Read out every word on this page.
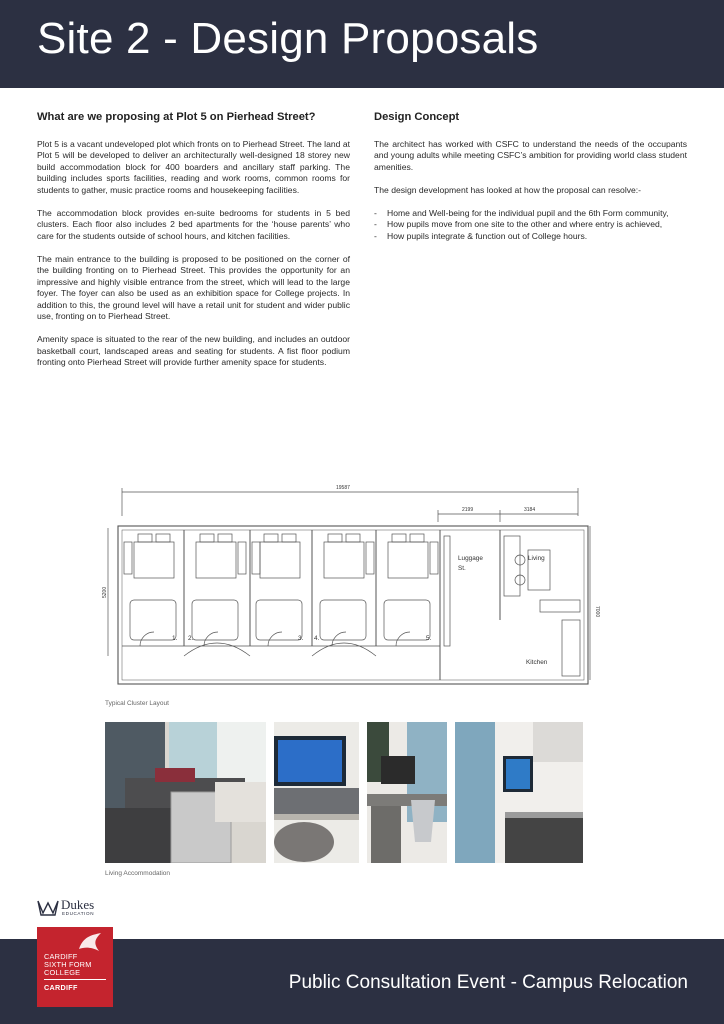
Site 2 - Design Proposals
What are we proposing at Plot 5 on Pierhead Street?

Plot 5 is a vacant undeveloped plot which fronts on to Pierhead Street. The land at Plot 5 will be developed to deliver an architecturally well-designed 18 storey new build accommodation block for 400 boarders and ancillary staff parking. The building includes sports facilities, reading and work rooms, common rooms for students to gather, music practice rooms and housekeeping facilities.

The accommodation block provides en-suite bedrooms for students in 5 bed clusters. Each floor also includes 2 bed apartments for the ‘house parents’ who care for the students outside of school hours, and kitchen facilities.

The main entrance to the building is proposed to be positioned on the corner of the building fronting on to Pierhead Street. This provides the opportunity for an impressive and highly visible entrance from the street, which will lead to the large foyer. The foyer can also be used as an exhibition space for College projects. In addition to this, the ground level will have a retail unit for student and wider public use, fronting on to Pierhead Street.

Amenity space is situated to the rear of the new building, and includes an outdoor basketball court, landscaped areas and seating for students. A fist floor podium fronting onto Pierhead Street will provide further amenity space for students.

Design Concept

The architect has worked with CSFC to understand the needs of the occupants and young adults while meeting CSFC’s ambition for providing world class student amenities.

The design development has looked at how the proposal can resolve:-

- Home and Well-being for the individual pupil and the 6th Form community,
- How pupils move from one site to the other and where entry is achieved,
- How pupils integrate & function out of College hours.
19587
2199	3184
5200
7000
Luggage
St.
Living
Kitchen
1. 2.	3. 4.	5.
Typical Cluster Layout
Living Accommodation
Dukes
EDUCATION
Public Consultation Event - Campus Relocation
CARDIFF
SIXTH FORM
COLLEGE
CARDIFF
